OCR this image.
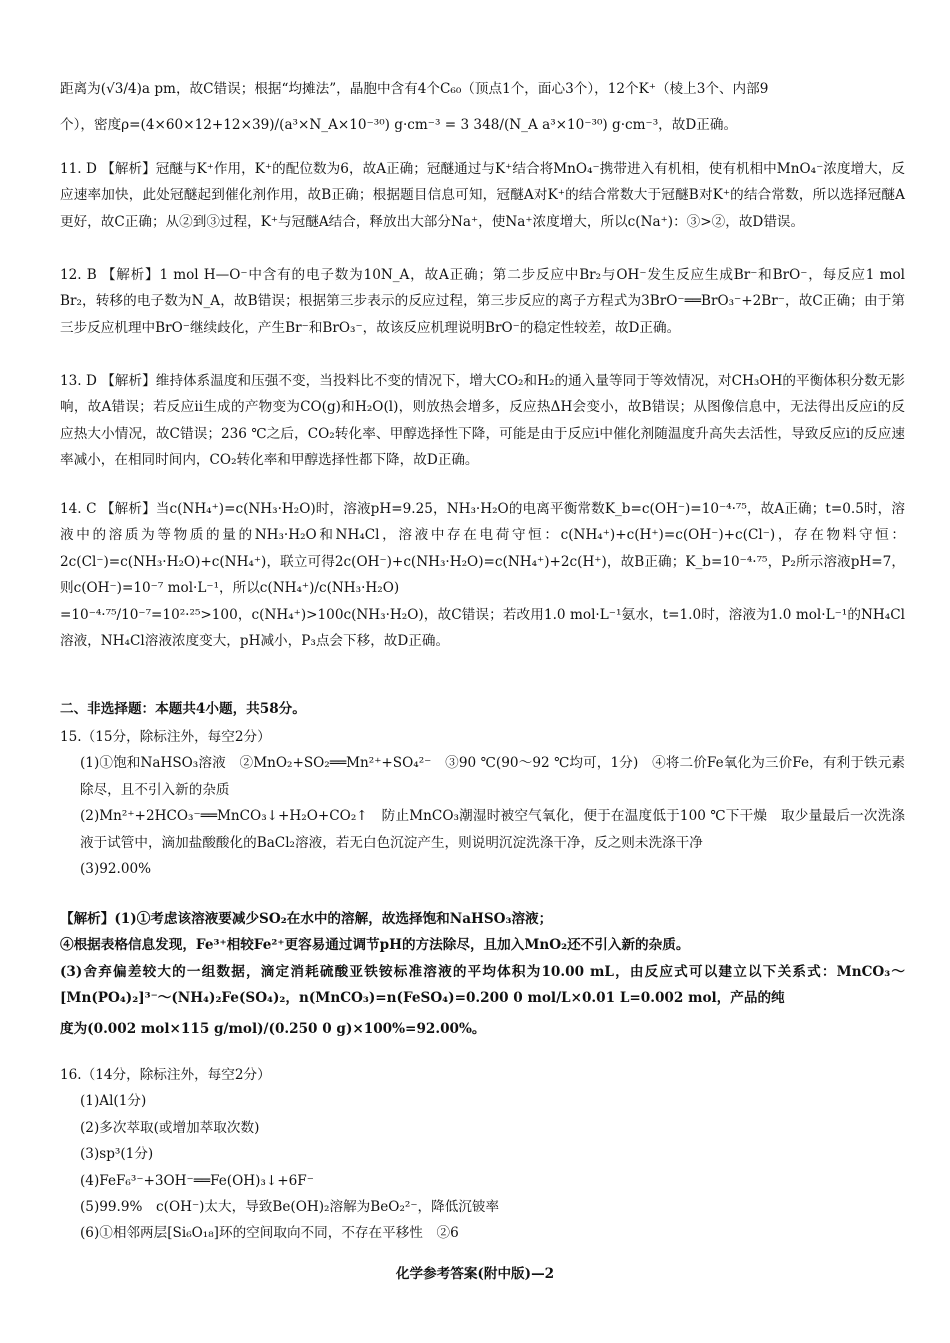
距离为(√3/4)a pm，故C错误；根据“均摊法”，晶胞中含有4个C₆₀（顶点1个，面心3个），12个K⁺（棱上3个、内部9

个），密度ρ=(4×60×12+12×39)/(a³×N_A×10⁻³⁰) g·cm⁻³ = 3 348/(N_A a³×10⁻³⁰) g·cm⁻³，故D正确。

11. D 【解析】冠醚与K⁺作用，K⁺的配位数为6，故A正确；冠醚通过与K⁺结合将MnO₄⁻携带进入有机相，使有机相中MnO₄⁻浓度增大，反应速率加快，此处冠醚起到催化剂作用，故B正确；根据题目信息可知，冠醚A对K⁺的结合常数大于冠醚B对K⁺的结合常数，所以选择冠醚A更好，故C正确；从②到③过程，K⁺与冠醚A结合，释放出大部分Na⁺，使Na⁺浓度增大，所以c(Na⁺)：③>②，故D错误。

12. B 【解析】1 mol H—O⁻中含有的电子数为10N_A，故A正确；第二步反应中Br₂与OH⁻发生反应生成Br⁻和BrO⁻，每反应1 mol Br₂，转移的电子数为N_A，故B错误；根据第三步表示的反应过程，第三步反应的离子方程式为3BrO⁻══BrO₃⁻+2Br⁻，故C正确；由于第三步反应机理中BrO⁻继续歧化，产生Br⁻和BrO₃⁻，故该反应机理说明BrO⁻的稳定性较差，故D正确。

13. D 【解析】维持体系温度和压强不变，当投料比不变的情况下，增大CO₂和H₂的通入量等同于等效情况，对CH₃OH的平衡体积分数无影响，故A错误；若反应ⅱ生成的产物变为CO(g)和H₂O(l)，则放热会增多，反应热ΔH会变小，故B错误；从图像信息中，无法得出反应ⅰ的反应热大小情况，故C错误；236 ℃之后，CO₂转化率、甲醇选择性下降，可能是由于反应ⅰ中催化剂随温度升高失去活性，导致反应ⅰ的反应速率减小，在相同时间内，CO₂转化率和甲醇选择性都下降，故D正确。

14. C 【解析】当c(NH₄⁺)=c(NH₃·H₂O)时，溶液pH=9.25，NH₃·H₂O的电离平衡常数K_b=c(OH⁻)=10⁻⁴·⁷⁵，故A正确；t=0.5时，溶液中的溶质为等物质的量的NH₃·H₂O和NH₄Cl，溶液中存在电荷守恒：c(NH₄⁺)+c(H⁺)=c(OH⁻)+c(Cl⁻)，存在物料守恒：2c(Cl⁻)=c(NH₃·H₂O)+c(NH₄⁺)，联立可得2c(OH⁻)+c(NH₃·H₂O)=c(NH₄⁺)+2c(H⁺)，故B正确；K_b=10⁻⁴·⁷⁵，P₂所示溶液pH=7，则c(OH⁻)=10⁻⁷ mol·L⁻¹，所以c(NH₄⁺)/c(NH₃·H₂O)

=10⁻⁴·⁷⁵/10⁻⁷=10²·²⁵>100，c(NH₄⁺)>100c(NH₃·H₂O)，故C错误；若改用1.0 mol·L⁻¹氨水，t=1.0时，溶液为1.0 mol·L⁻¹的NH₄Cl溶液，NH₄Cl溶液浓度变大，pH减小，P₃点会下移，故D正确。

二、非选择题：本题共4小题，共58分。

15.（15分，除标注外，每空2分）

(1)①饱和NaHSO₃溶液　②MnO₂+SO₂══Mn²⁺+SO₄²⁻　③90 ℃(90～92 ℃均可，1分)　④将二价Fe氧化为三价Fe，有利于铁元素除尽，且不引入新的杂质

(2)Mn²⁺+2HCO₃⁻══MnCO₃↓+H₂O+CO₂↑　防止MnCO₃潮湿时被空气氧化，便于在温度低于100 ℃下干燥　取少量最后一次洗涤液于试管中，滴加盐酸酸化的BaCl₂溶液，若无白色沉淀产生，则说明沉淀洗涤干净，反之则未洗涤干净

(3)92.00%

【解析】(1)①考虑该溶液要减少SO₂在水中的溶解，故选择饱和NaHSO₃溶液；

④根据表格信息发现，Fe³⁺相较Fe²⁺更容易通过调节pH的方法除尽，且加入MnO₂还不引入新的杂质。

(3)舍弃偏差较大的一组数据，滴定消耗硫酸亚铁铵标准溶液的平均体积为10.00 mL，由反应式可以建立以下关系式：MnCO₃～[Mn(PO₄)₂]³⁻～(NH₄)₂Fe(SO₄)₂，n(MnCO₃)=n(FeSO₄)=0.200 0 mol/L×0.01 L=0.002 mol，产品的纯

度为(0.002 mol×115 g/mol)/(0.250 0 g)×100%=92.00%。

16.（14分，除标注外，每空2分）

(1)Al(1分)

(2)多次萃取(或增加萃取次数)

(3)sp³(1分)

(4)FeF₆³⁻+3OH⁻══Fe(OH)₃↓+6F⁻

(5)99.9%　c(OH⁻)太大，导致Be(OH)₂溶解为BeO₂²⁻，降低沉铍率

(6)①相邻两层[Si₆O₁₈]环的空间取向不同，不存在平移性　②6

化学参考答案(附中版)—2
